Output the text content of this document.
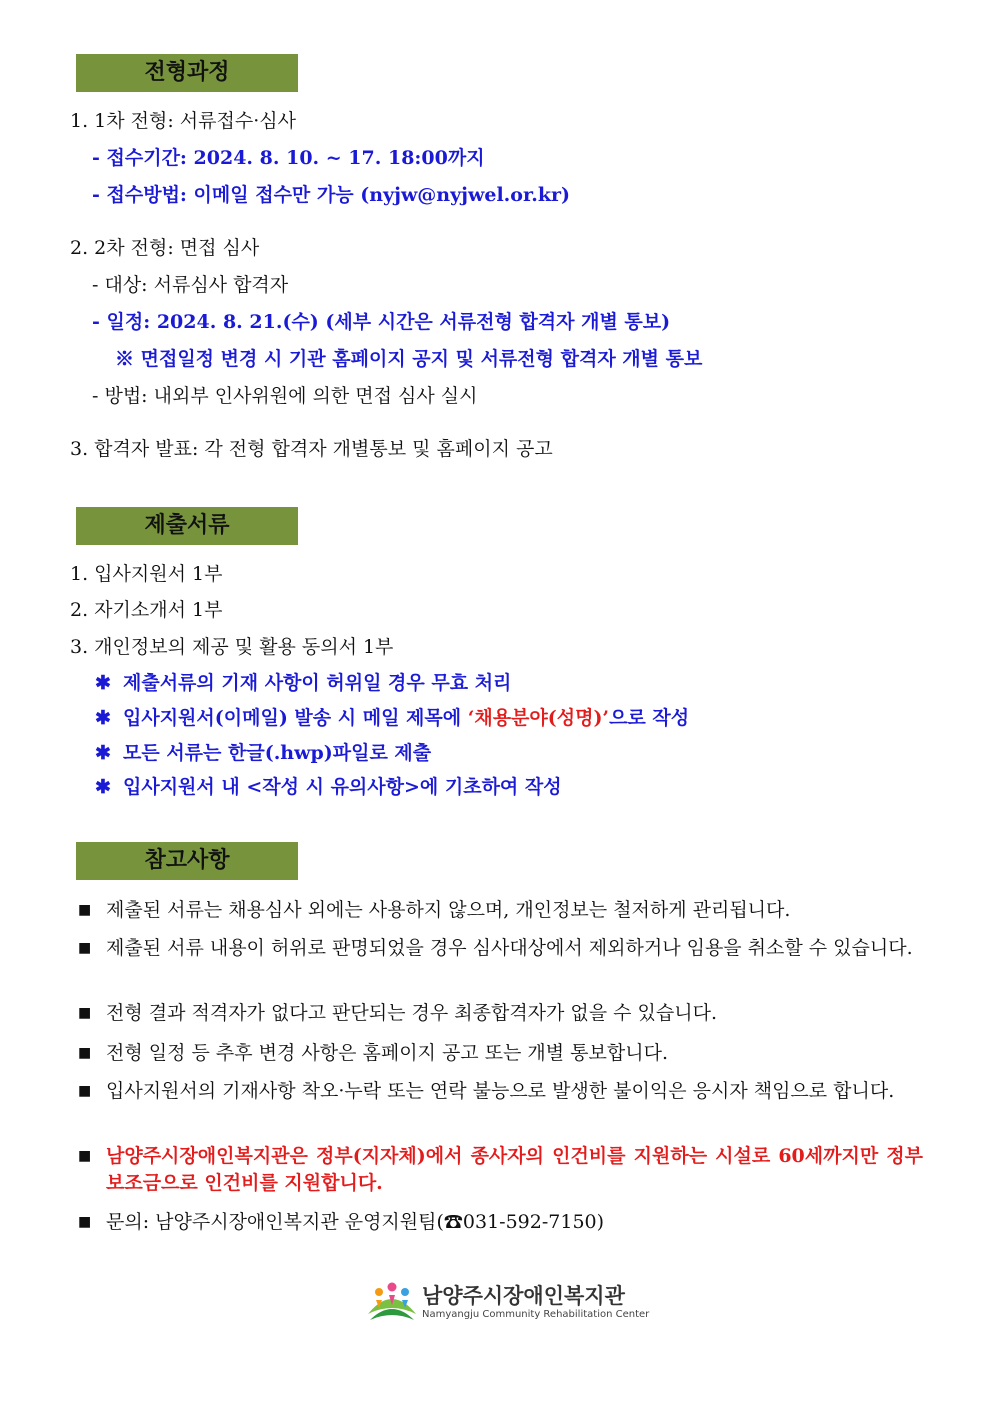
전형과정
1. 1차 전형: 서류접수·심사
- 접수기간: 2024. 8. 10. ~ 17. 18:00까지
- 접수방법: 이메일 접수만 가능 (nyjw@nyjwel.or.kr)
2. 2차 전형: 면접 심사
- 대상: 서류심사 합격자
- 일정: 2024. 8. 21.(수) (세부 시간은 서류전형 합격자 개별 통보)
※ 면접일정 변경 시 기관 홈페이지 공지 및 서류전형 합격자 개별 통보
- 방법: 내외부 인사위원에 의한 면접 심사 실시
3. 합격자 발표: 각 전형 합격자 개별통보 및 홈페이지 공고
제출서류
1. 입사지원서 1부
2. 자기소개서 1부
3. 개인정보의 제공 및 활용 동의서 1부
✱ 제출서류의 기재 사항이 허위일 경우 무효 처리
✱ 입사지원서(이메일) 발송 시 메일 제목에 ‘채용분야(성명)’으로 작성
✱ 모든 서류는 한글(.hwp)파일로 제출
✱ 입사지원서 내 <작성 시 유의사항>에 기초하여 작성
참고사항
■ 제출된 서류는 채용심사 외에는 사용하지 않으며, 개인정보는 철저하게 관리됩니다.
■ 제출된 서류 내용이 허위로 판명되었을 경우 심사대상에서 제외하거나 임용을 취소할 수 있습니다.
■ 전형 결과 적격자가 없다고 판단되는 경우 최종합격자가 없을 수 있습니다.
■ 전형 일정 등 추후 변경 사항은 홈페이지 공고 또는 개별 통보합니다.
■ 입사지원서의 기재사항 착오·누락 또는 연락 불능으로 발생한 불이익은 응시자 책임으로 합니다.
■ 남양주시장애인복지관은 정부(지자체)에서 종사자의 인건비를 지원하는 시설로 60세까지만 정부 보조금으로 인건비를 지원합니다.
■ 문의: 남양주시장애인복지관 운영지원팀(☎031-592-7150)
남양주시장애인복지관
Namyangju Community Rehabilitation Center
